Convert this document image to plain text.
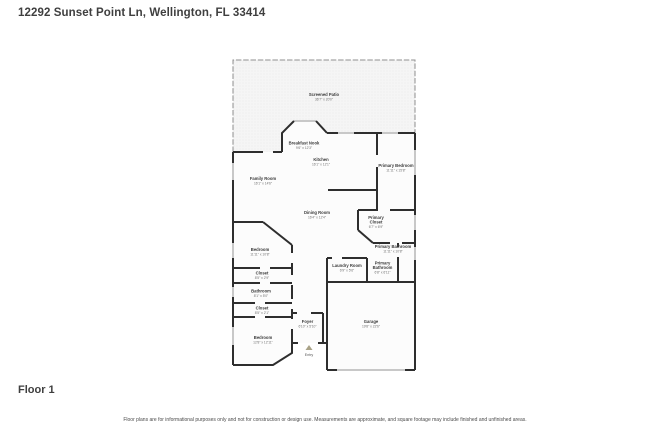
12292 Sunset Point Ln, Wellington, FL 33414
Screened Patio
36'7" x 20'0"
Breakfast Nook
9'6" x 12'3"
Kitchen
16'1" x 12'1"	Primary Bedroom
11'11" x 15'8"
Family Room
16'1" x 14'6"
Dining Room
16'4" x 12'4"	Primary
Closet
6'7" x 6'9"
Primary Bathroom
11'11" x 10'8"
Bedroom
11'11" x 10'8"
Laundry Room
6'9" x 5'6"
Primary
Bathroom
6'8" x 6'11"
Closet
8'5" x 2'9"
Bathroom
8'1" x 5'0"
Closet
8'5" x 2'1"
Foyer
6'10" x 5'10"
Bedroom
12'8" x 12'11"
Garage
19'8" x 22'6"
Entry
Floor 1
Floor plans are for informational purposes only and not for construction or design use. Measurements are approximate, and square footage may include finished and unfinished areas.
